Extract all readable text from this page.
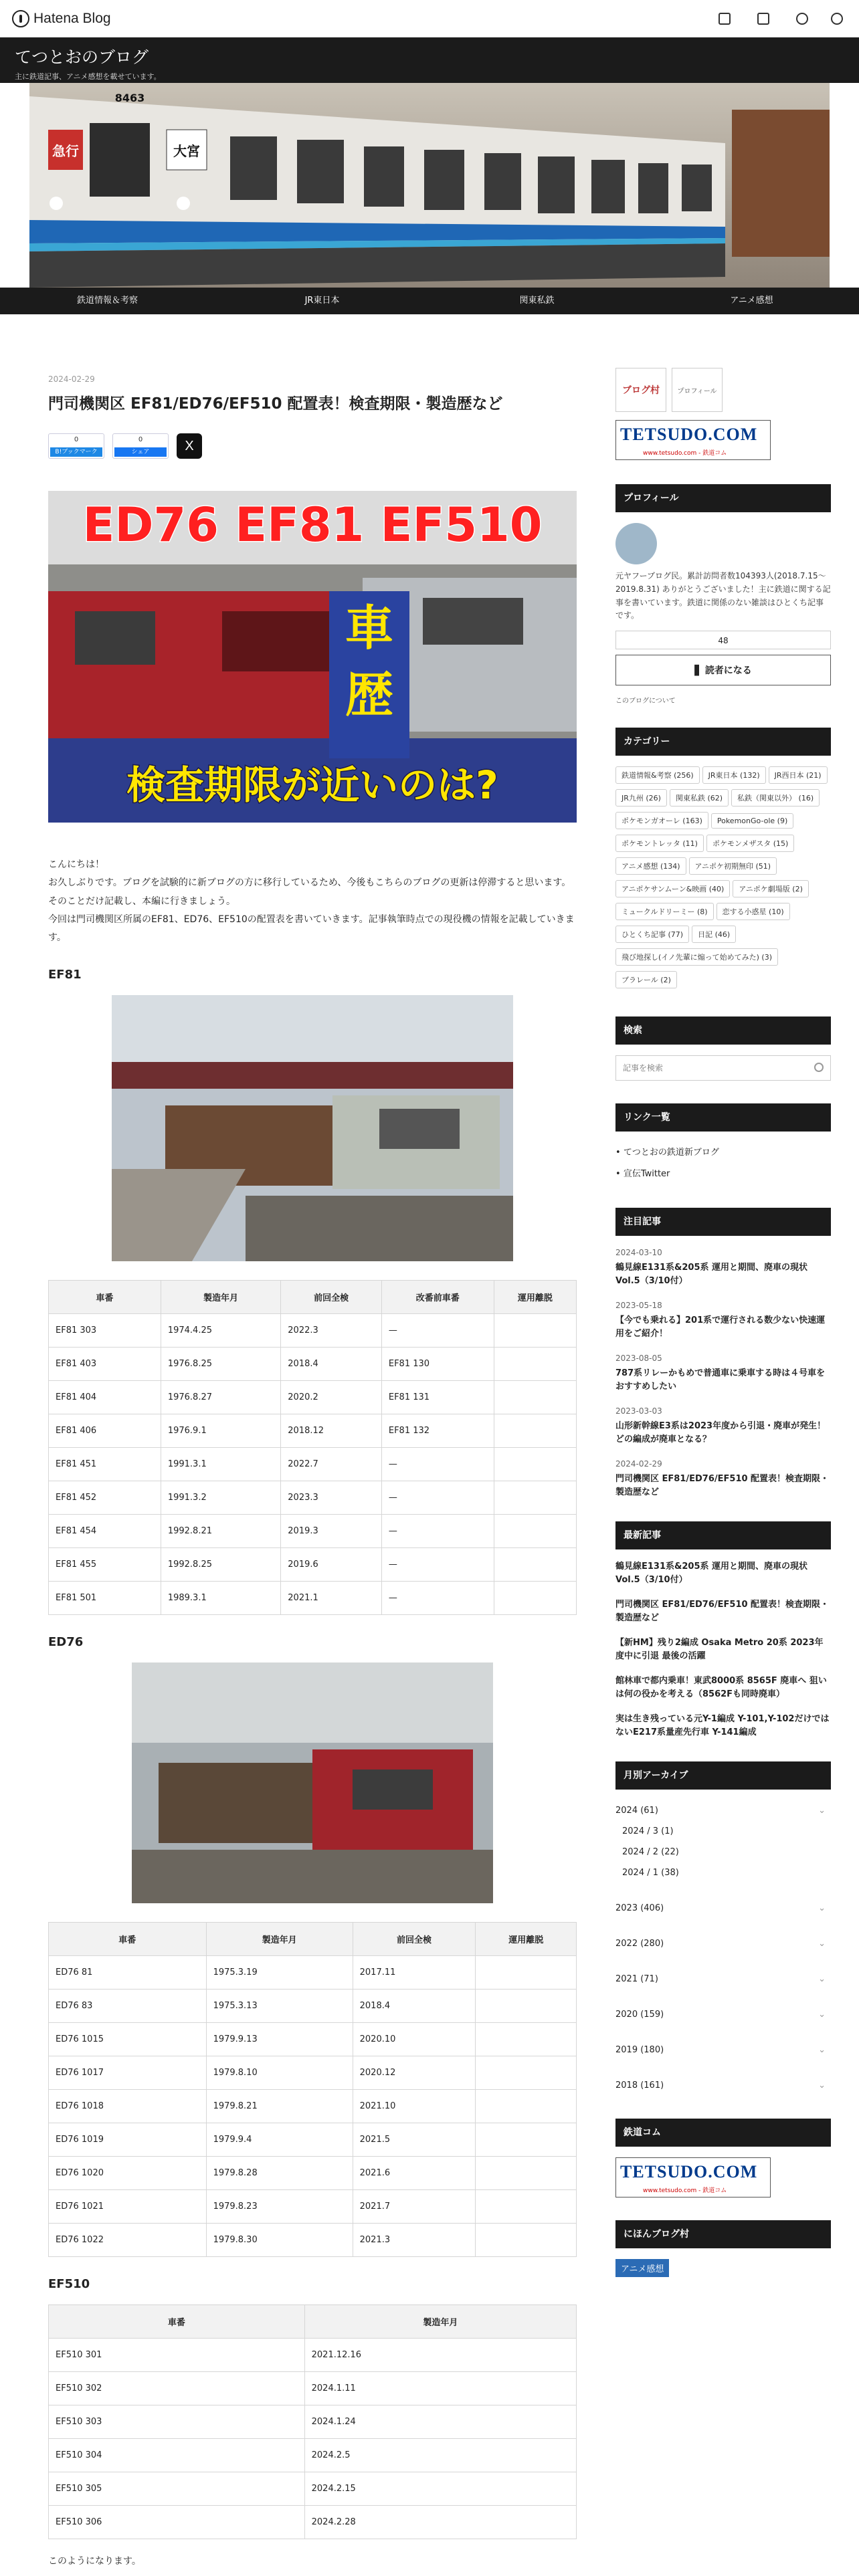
Hatena Blog
てつとおのブログ
主に鉄道記事、アニメ感想を載せています。
急行	大宮
8463
鉄道情報＆考察	JR東日本	関東私鉄	アニメ感想
2024-02-29
門司機関区 EF81/ED76/EF510 配置表！検査期限・製造歴など
0
B!ブックマーク
0
シェア	X
ED76 EF81 EF510
車
歴
検査期限が近いのは?

こんにちは！

お久しぶりです。ブログを試験的に新ブログの方に移行しているため、今後もこちらのブログの更新は停滞すると思います。そのことだけ記載し、本編に行きましょう。

今回は門司機関区所属のEF81、ED76、EF510の配置表を書いていきます。記事執筆時点での現役機の情報を記載していきます。

EF81
車番	製造年月	前回全検	改番前車番	運用離脱
EF81 303	1974.4.25	2022.3	—	
EF81 403	1976.8.25	2018.4	EF81 130	
EF81 404	1976.8.27	2020.2	EF81 131	
EF81 406	1976.9.1	2018.12	EF81 132	
EF81 451	1991.3.1	2022.7	—	
EF81 452	1991.3.2	2023.3	—	
EF81 454	1992.8.21	2019.3	—	
EF81 455	1992.8.25	2019.6	—	
EF81 501	1989.3.1	2021.1	—	
ED76
車番	製造年月	前回全検	運用離脱
ED76 81	1975.3.19	2017.11	
ED76 83	1975.3.13	2018.4	
ED76 1015	1979.9.13	2020.10	
ED76 1017	1979.8.10	2020.12	
ED76 1018	1979.8.21	2021.10	
ED76 1019	1979.9.4	2021.5	
ED76 1020	1979.8.28	2021.6	
ED76 1021	1979.8.23	2021.7	
ED76 1022	1979.8.30	2021.3	
EF510
車番	製造年月
EF510 301	2021.12.16
EF510 302	2024.1.11
EF510 303	2024.1.24
EF510 304	2024.2.5
EF510 305	2024.2.15
EF510 306	2024.2.28

このようになります。

ブログ村	プロフィール
TETSUDO.COM
www.tetsudo.com - 鉄道コム
プロフィール

元ヤフーブログ民。累計訪問者数104393人(2018.7.15〜2019.8.31) ありがとうございました！主に鉄道に関する記事を書いています。鉄道に関係のない雑談はひとくち記事です。

48
▋ 読者になる

このブログについて

カテゴリー
鉄道情報&考察 (256) JR東日本 (132) JR西日本 (21)JR九州 (26) 関東私鉄 (62) 私鉄（関東以外） (16)ポケモンガオーレ (163) PokemonGo-ole (9)ポケモントレッタ (11) ポケモンメザスタ (15)アニメ感想 (134) アニポケ初期無印 (51)アニポケサンムーン&映画 (40) アニポケ劇場版 (2)ミュークルドリーミー (8) 恋する小惑星 (10)ひとくち記事 (77) 日記 (46)飛び地探し(イノ先輩に煽って始めてみた) (3)ブラレール (2)
検索
記事を検索
リンク一覧
• てつとおの鉄道新ブログ
• 宣伝Twitter
注目記事
2024-03-10
鶴見線E131系&205系 運用と期間、廃車の現状 Vol.5（3/10付）
2023-05-18
【今でも乗れる】201系で運行される数少ない快速運用をご紹介！
2023-08-05
787系リレーかもめで普通車に乗車する時は４号車をおすすめしたい
2023-03-03
山形新幹線E3系は2023年度から引退・廃車が発生！どの編成が廃車となる？
2024-02-29
門司機関区 EF81/ED76/EF510 配置表！検査期限・製造歴など
最新記事
鶴見線E131系&205系 運用と期間、廃車の現状 Vol.5（3/10付）
門司機関区 EF81/ED76/EF510 配置表！検査期限・製造歴など
【新HM】残り2編成 Osaka Metro 20系 2023年度中に引退 最後の活躍
館林車で都内乗車！東武8000系 8565F 廃車へ 狙いは何の役かを考える（8562Fも同時廃車）
実は生き残っている元Y-1編成 Y-101,Y-102だけではないE217系量産先行車 Y-141編成
月別アーカイブ
2024 (61)	⌄
2024 / 3 (1)
2024 / 2 (22)
2024 / 1 (38)
2023 (406)	⌄
2022 (280)	⌄
2021 (71)	⌄
2020 (159)	⌄
2019 (180)	⌄
2018 (161)	⌄
鉄道コム
TETSUDO.COM
www.tetsudo.com - 鉄道コム
にほんブログ村
アニメ感想
